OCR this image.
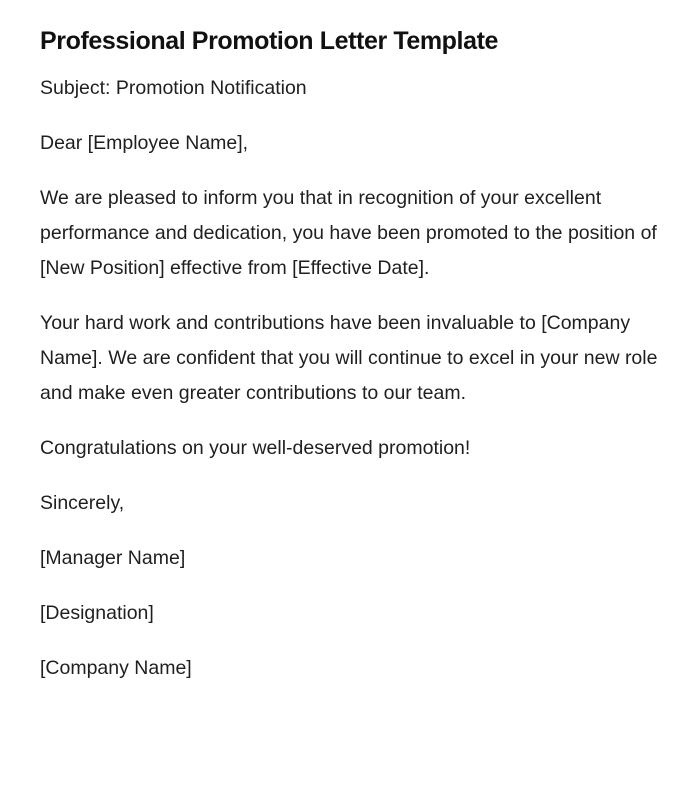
Professional Promotion Letter Template

Subject: Promotion Notification

Dear [Employee Name],

We are pleased to inform you that in recognition of your excellent performance and dedication, you have been promoted to the position of [New Position] effective from [Effective Date].

Your hard work and contributions have been invaluable to [Company Name]. We are confident that you will continue to excel in your new role and make even greater contributions to our team.

Congratulations on your well-deserved promotion!

Sincerely,

[Manager Name]

[Designation]

[Company Name]
